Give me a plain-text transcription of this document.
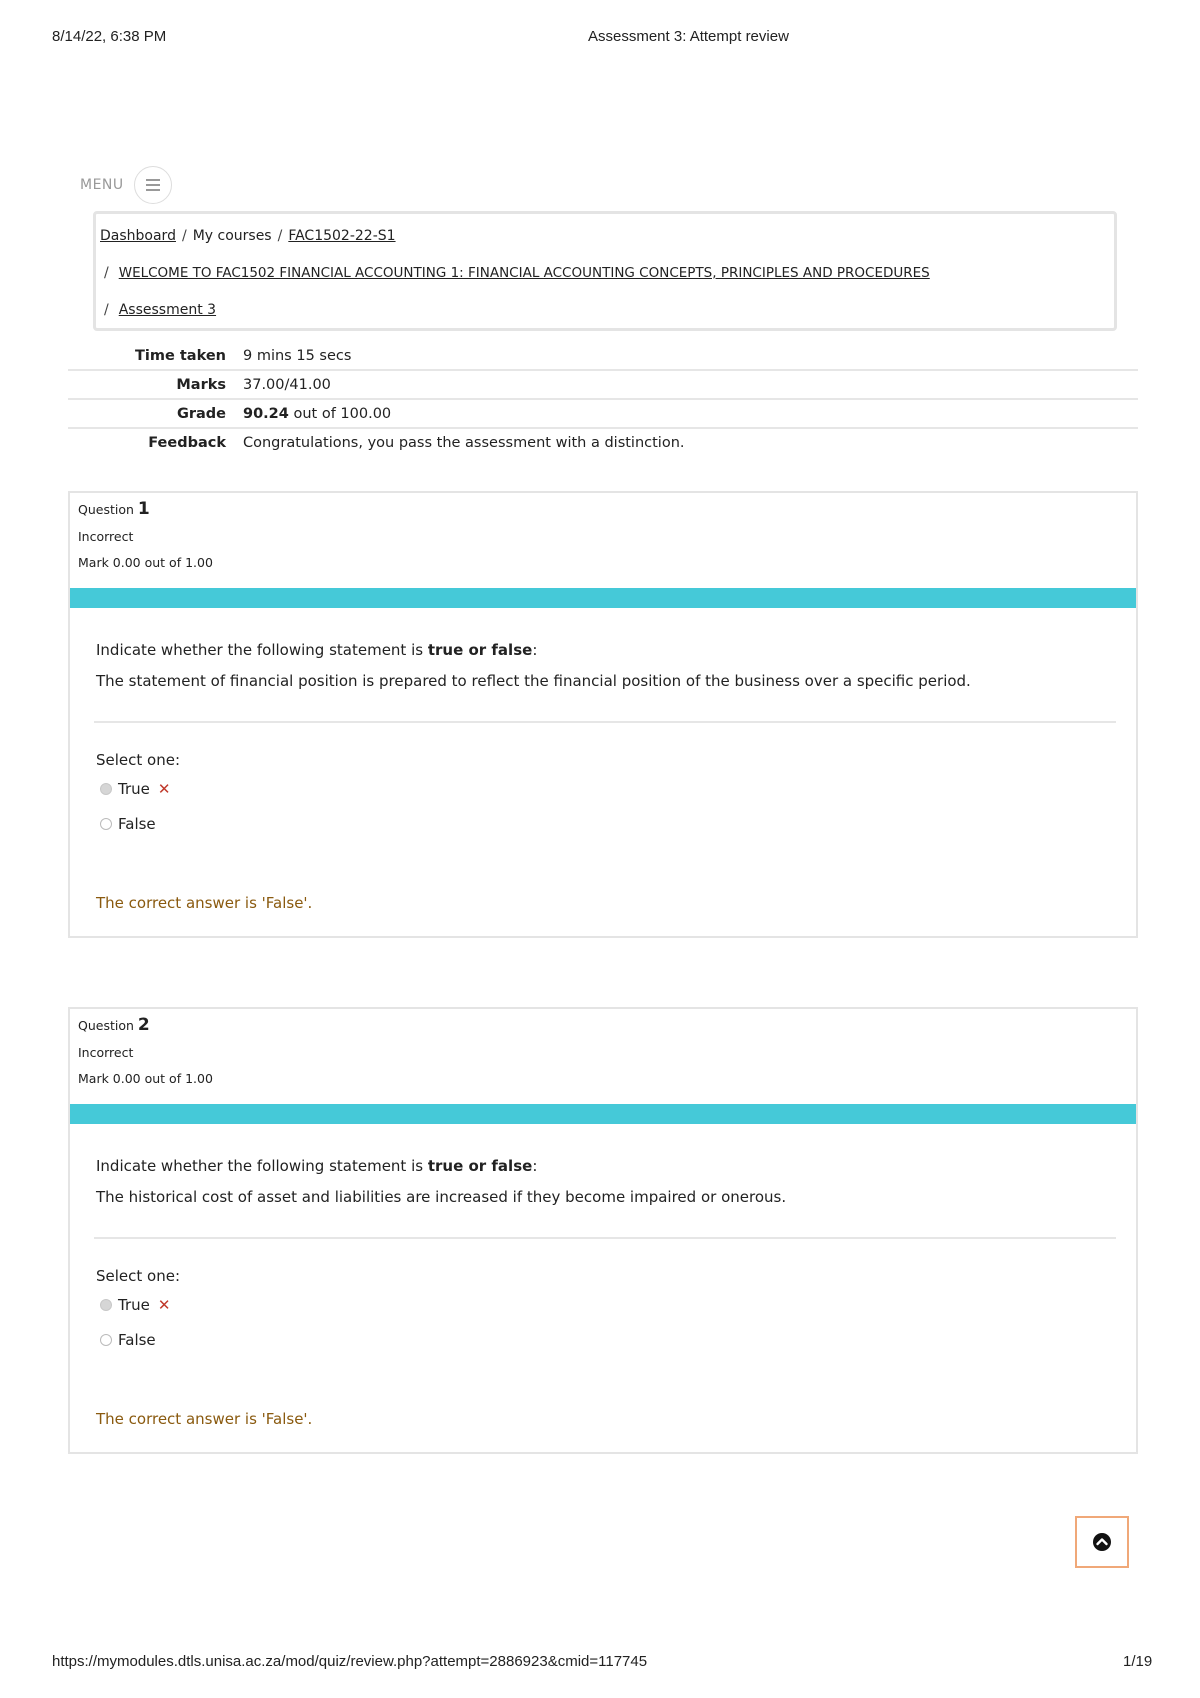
8/14/22, 6:38 PM	Assessment 3: Attempt review
MENU
Dashboard / My courses / FAC1502-22-S1
/ WELCOME TO FAC1502 FINANCIAL ACCOUNTING 1: FINANCIAL ACCOUNTING CONCEPTS, PRINCIPLES AND PROCEDURES
/ Assessment 3
Time taken	9 mins 15 secs
Marks	37.00/41.00
Grade	90.24 out of 100.00
Feedback	Congratulations, you pass the assessment with a distinction.
Question 1
Incorrect
Mark 0.00 out of 1.00

Indicate whether the following statement is true or false:

The statement of financial position is prepared to reflect the financial position of the business over a specific period.

Select one:
True ✕
False
The correct answer is 'False'.
Question 2
Incorrect
Mark 0.00 out of 1.00

Indicate whether the following statement is true or false:

The historical cost of asset and liabilities are increased if they become impaired or onerous.

Select one:
True ✕
False
The correct answer is 'False'.
https://mymodules.dtls.unisa.ac.za/mod/quiz/review.php?attempt=2886923&cmid=117745	1/19
